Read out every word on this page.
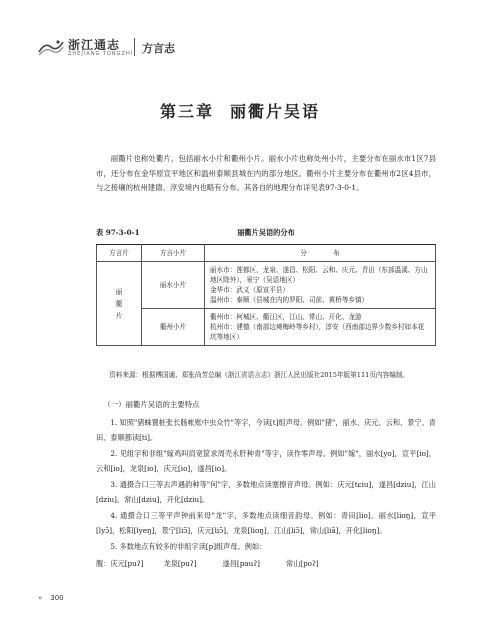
浙江通志
ZHEJIANG TONGZHI 方言志
第三章 丽衢片吴语

丽衢片也称处衢片，包括丽水小片和衢州小片。丽水小片也称处州小片，主要分布在丽水市1区7县市，还分布在金华原宣平地区和温州泰顺县城在内的部分地区。衢州小片主要分布在衢州市2区4县市，与之接壤的杭州建德、淳安境内也略有分布。其各自的地理分布详见表97-3-0-1。

表 97-3-0-1	丽衢片吴语的分布
方言片	方言小片	分　　　　布
丽衢片	丽水小片	丽水市：莲都区，龙泉、遂昌、松阳、云和、庆元、青田（东部温溪、方山地区除外），景宁（吴语地区）
金华市：武义（原宣平县）
温州市：泰顺（县城在内的罗阳、司前、黄桥等乡镇）

	衢州小片	衢州市：柯城区、衢江区，江山、常山、开化、龙游
杭州市：建德（南部边境梅岭等乡村），淳安（西南部边界少数乡村如本花坑等地区）

资料来源：根据傅国通、郑张尚芳总编《浙江省语言志》浙江人民出版社2015年版第111页内容编制。

（一）丽衢片吴语的主要特点

1. 知照"猪蛛置桩张长肠帐账中虫众竹"等字，今读[t]组声母。例如"猪"，丽水、庆元、云和、景宁、青田、泰顺都读[ti]。

2. 见组字和非组"嫁鸡叫肩宽筐求周壳永肝种青"等字，读作零声母。例如"嫁"，丽水[yo]，宣平[io]，云和[io]，龙泉[io]，庆元[io]，遂昌[io]。

3. 通摄合口三等去声遇韵种等"何"字，多数地点读塞擦音声母。例如：庆元[tɕiu]，遂昌[dziu]，江山[dziu]，常山[dziu]，开化[dziu]。

4. 通摄合口三等平声钟前来母"龙"字，多数地点读细音韵母。例如：青田[lio]、丽水[lioŋ]，宣平[lyɔ̃]，松阳[lyeŋ]，景宁[liɔ̃]，庆元[liɔ̃]，龙泉[lioŋ]，江山[liɔ̃]，常山[liã]，开化[lioŋ]。

5. 多数地点有较多的非组字读[p]组声母。例如：

腹：庆元[puʔ]	龙泉[puʔ]	遂昌[pauʔ]	常山[poʔ]
» 300
